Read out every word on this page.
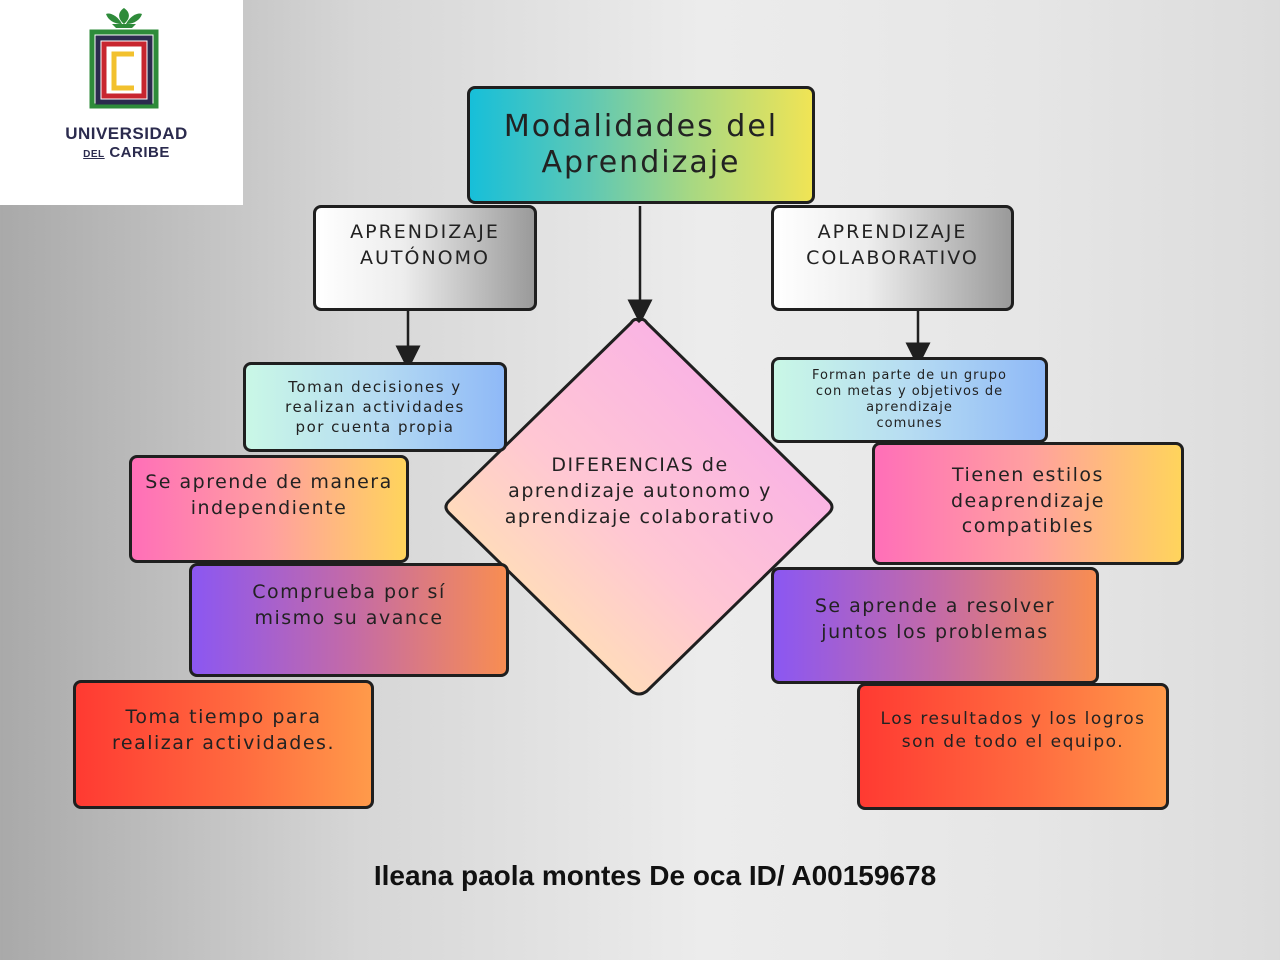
UNIVERSIDAD
DEL CARIBE
Modalidades del
Aprendizaje
APRENDIZAJE
AUTÓNOMO
APRENDIZAJE
COLABORATIVO
DIFERENCIAS de
aprendizaje autonomo y
aprendizaje colaborativo
Toman decisiones y
realizan actividades
por cuenta propia
Se aprende de manera
independiente
Comprueba por sí
mismo su avance
Toma tiempo para
realizar actividades.
Forman parte de un grupo
con metas y objetivos de
aprendizaje
comunes
Tienen estilos
deaprendizaje
compatibles
Se aprende a resolver
juntos los problemas
Los resultados y los logros
son de todo el equipo.
Ileana paola montes De oca ID/ A00159678
